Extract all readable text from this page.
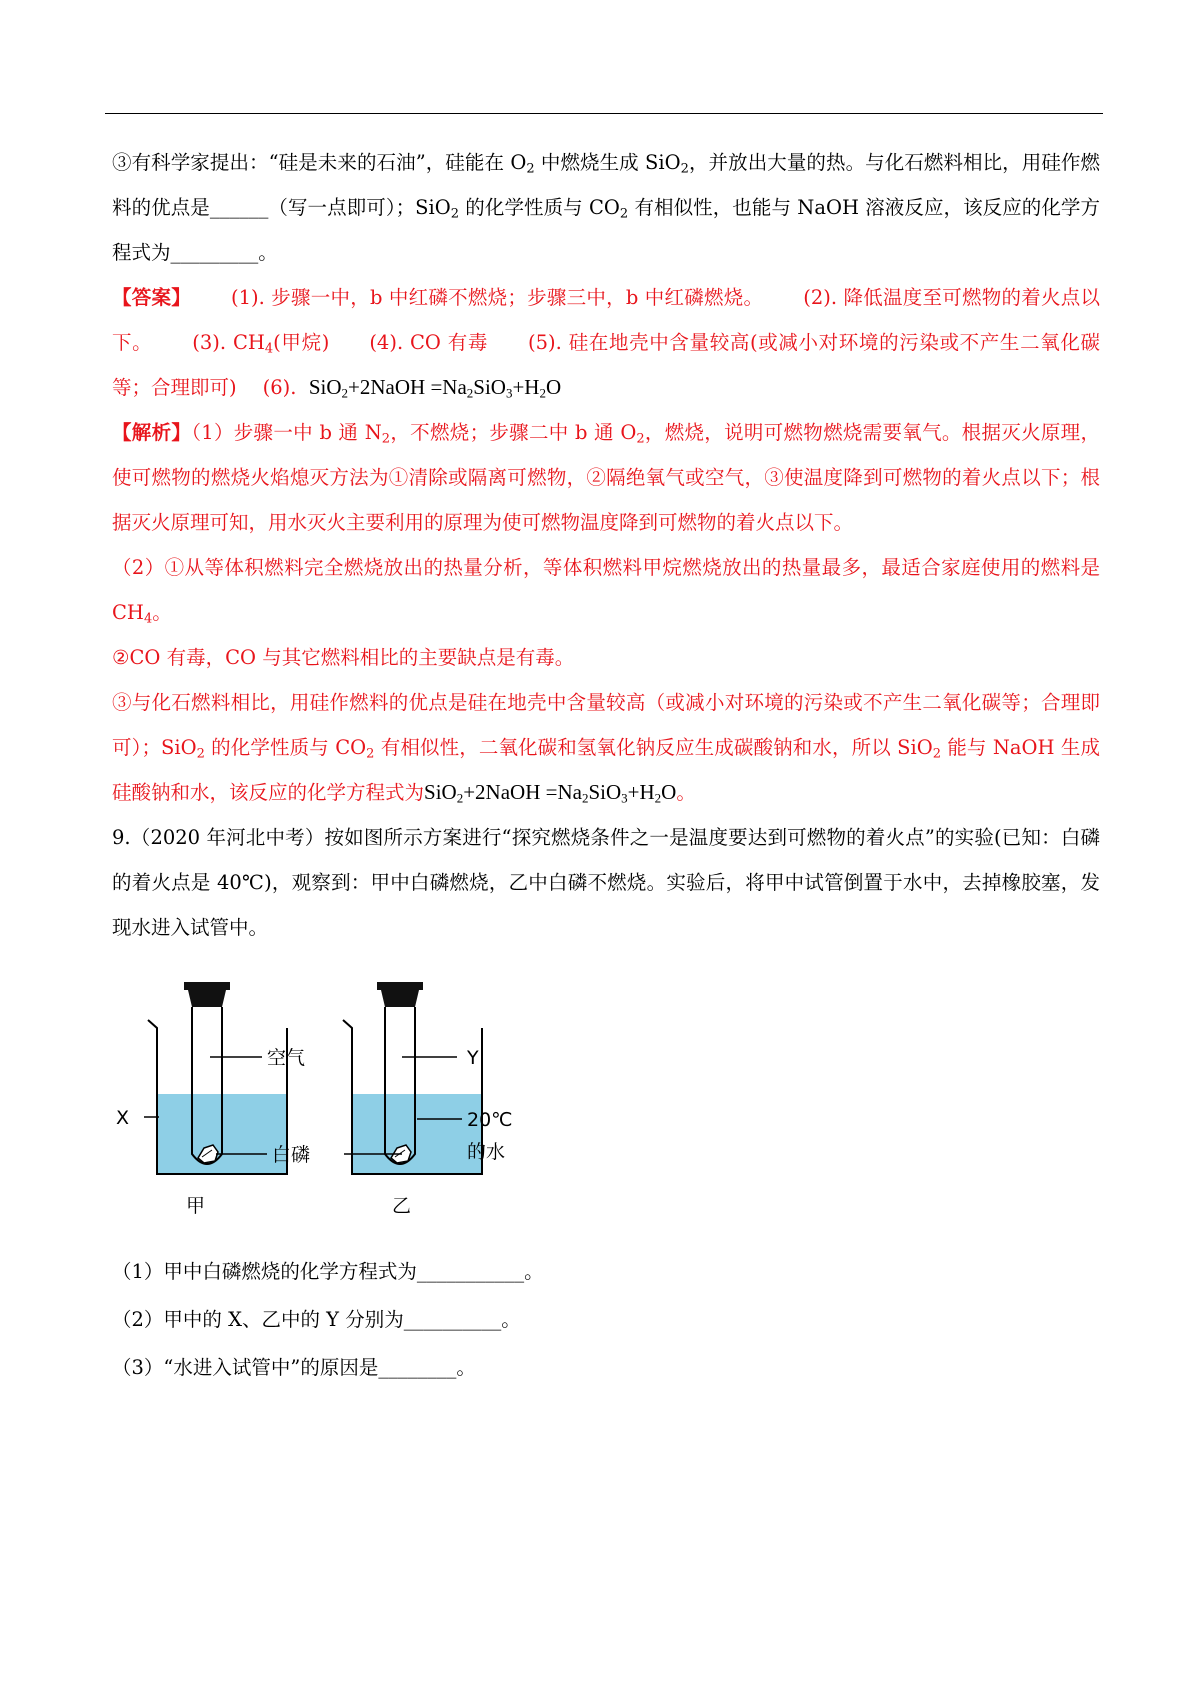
③有科学家提出：“硅是未来的石油”，硅能在 $O_2$ 中燃烧生成 SiO$_2$，并放出大量的热。与化石燃料相比，用硅作燃料的优点是______（写一点即可）；SiO$_2$ 的化学性质与 $CO_2$ 有相似性，也能与 NaOH 溶液反应，该反应的化学方程式为_________。

【答案】 (1). 步骤一中，b 中红磷不燃烧；步骤三中，b 中红磷燃烧。 (2). 降低温度至可燃物的着火点以下。 (3). $CH_4$(甲烷) (4). CO 有毒 (5). 硅在地壳中含量较高(或减小对环境的污染或不产生二氧化碳等；合理即可) (6). SiO$_2$+2NaOH $=Na_2SiO_3+H_2O$

【解析】（1）步骤一中 b 通 $N_2$，不燃烧；步骤二中 b 通 $O_2$，燃烧，说明可燃物燃烧需要氧气。根据灭火原理，使可燃物的燃烧火焰熄灭方法为①清除或隔离可燃物，②隔绝氧气或空气，③使温度降到可燃物的着火点以下；根据灭火原理可知，用水灭火主要利用的原理为使可燃物温度降到可燃物的着火点以下。

（2）①从等体积燃料完全燃烧放出的热量分析，等体积燃料甲烷燃烧放出的热量最多，最适合家庭使用的燃料是 $CH_4$。

②CO 有毒，CO 与其它燃料相比的主要缺点是有毒。

③与化石燃料相比，用硅作燃料的优点是硅在地壳中含量较高（或减小对环境的污染或不产生二氧化碳等；合理即可）；SiO$_2$ 的化学性质与 $CO_2$ 有相似性，二氧化碳和氢氧化钠反应生成碳酸钠和水，所以 SiO$_2$ 能与 NaOH 生成硅酸钠和水，该反应的化学方程式为SiO$_2$+2NaOH $=Na_2SiO_3+H_2O$。

9.（2020 年河北中考）按如图所示方案进行“探究燃烧条件之一是温度要达到可燃物的着火点”的实验(已知：白磷的着火点是 40℃)，观察到：甲中白磷燃烧，乙中白磷不燃烧。实验后，将甲中试管倒置于水中，去掉橡胶塞，发现水进入试管中。

空气
X
白磷
甲
Y
20℃
的水
乙

（1）甲中白磷燃烧的化学方程式为___________。

（2）甲中的 X、乙中的 Y 分别为__________。

（3）“水进入试管中”的原因是________。
